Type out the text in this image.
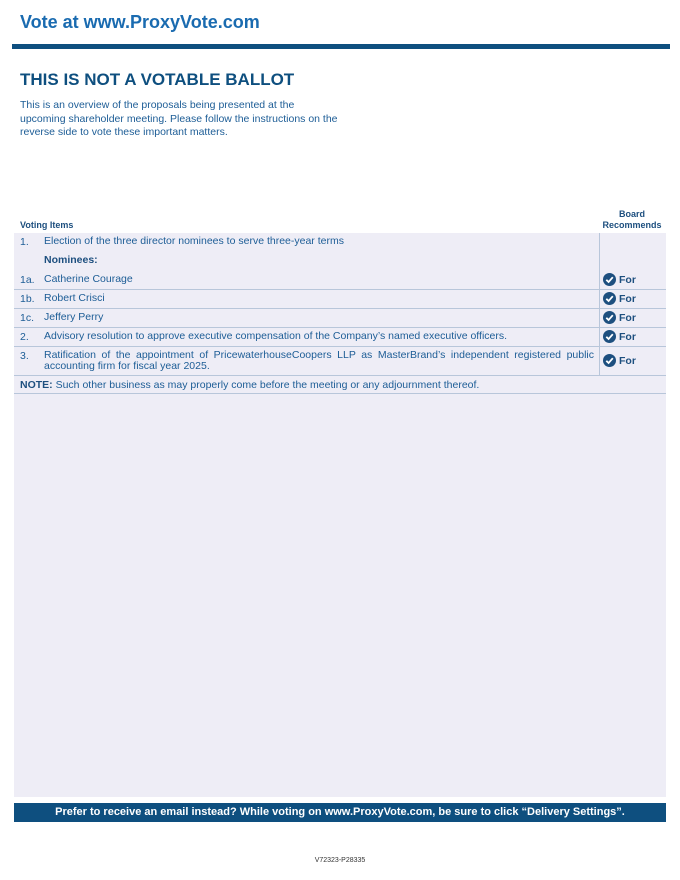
Vote at www.ProxyVote.com
THIS IS NOT A VOTABLE BALLOT
This is an overview of the proposals being presented at the upcoming shareholder meeting. Please follow the instructions on the reverse side to vote these important matters.
Voting Items
Board
Recommends
1. Election of the three director nominees to serve three-year terms
Nominees:
1a. Catherine Courage	For
1b. Robert Crisci	For
1c. Jeffery Perry	For
2. Advisory resolution to approve executive compensation of the Company’s named executive officers.	For
3. Ratification of the appointment of PricewaterhouseCoopers LLP as MasterBrand’s independent registered public accounting firm for fiscal year 2025.	For
NOTE: Such other business as may properly come before the meeting or any adjournment thereof.
Prefer to receive an email instead? While voting on www.ProxyVote.com, be sure to click “Delivery Settings”.
V72323-P28335
